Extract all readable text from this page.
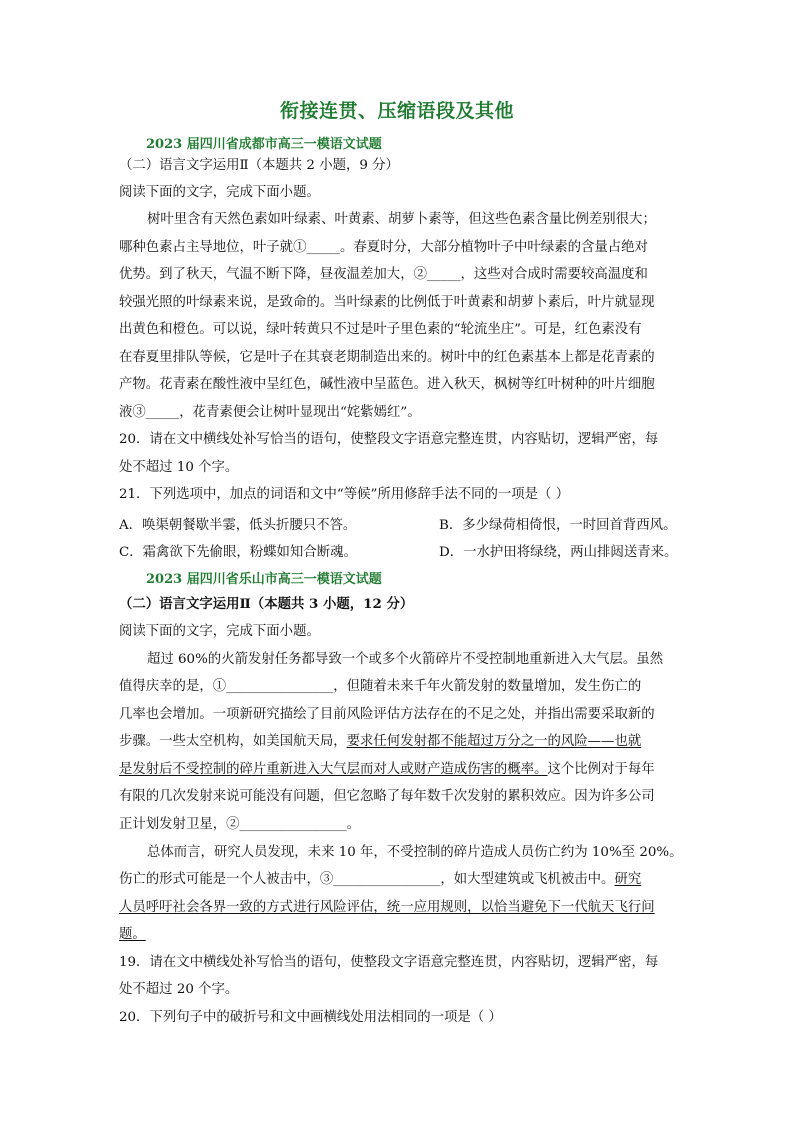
衔接连贯、压缩语段及其他
2023 届四川省成都市高三一模语文试题
（二）语言文字运用Ⅱ（本题共 2 小题，9 分）
阅读下面的文字，完成下面小题。
树叶里含有天然色素如叶绿素、叶黄素、胡萝卜素等，但这些色素含量比例差别很大；
哪种色素占主导地位，叶子就①_____。春夏时分，大部分植物叶子中叶绿素的含量占绝对
优势。到了秋天，气温不断下降，昼夜温差加大，②_____，这些对合成时需要较高温度和
较强光照的叶绿素来说，是致命的。当叶绿素的比例低于叶黄素和胡萝卜素后，叶片就显现
出黄色和橙色。可以说，绿叶转黄只不过是叶子里色素的“轮流坐庄”。可是，红色素没有
在春夏里排队等候，它是叶子在其衰老期制造出来的。树叶中的红色素基本上都是花青素的
产物。花青素在酸性液中呈红色，碱性液中呈蓝色。进入秋天，枫树等红叶树种的叶片细胞
液③_____，花青素便会让树叶显现出“姹紫嫣红”。
20．请在文中横线处补写恰当的语句，使整段文字语意完整连贯，内容贴切，逻辑严密，每
处不超过 10 个字。
21．下列选项中，加点的词语和文中“等候”所用修辞手法不同的一项是（ ）
A．唤渠朝餐歇半霎，低头折腰只不答。	B．多少绿荷相倚恨，一时回首背西风。
C．霜禽欲下先偷眼，粉蝶如知合断魂。	D．一水护田将绿绕，两山排闼送青来。
2023 届四川省乐山市高三一模语文试题
（二）语言文字运用Ⅱ（本题共 3 小题，12 分）
阅读下面的文字，完成下面小题。
超过 60%的火箭发射任务都导致一个或多个火箭碎片不受控制地重新进入大气层。虽然
值得庆幸的是，①________________，但随着未来千年火箭发射的数量增加，发生伤亡的
几率也会增加。一项新研究描绘了目前风险评估方法存在的不足之处，并指出需要采取新的
步骤。一些太空机构，如美国航天局，要求任何发射都不能超过万分之一的风险——也就
是发射后不受控制的碎片重新进入大气层而对人或财产造成伤害的概率。这个比例对于每年
有限的几次发射来说可能没有问题，但它忽略了每年数千次发射的累积效应。因为许多公司
正计划发射卫星，②________________。
总体而言，研究人员发现，未来 10 年，不受控制的碎片造成人员伤亡约为 10%至 20%。
伤亡的形式可能是一个人被击中，③________________，如大型建筑或飞机被击中。研究
人员呼吁社会各界一致的方式进行风险评估，统一应用规则，以恰当避免下一代航天飞行问
题。
19．请在文中横线处补写恰当的语句，使整段文字语意完整连贯，内容贴切，逻辑严密，每
处不超过 20 个字。
20．下列句子中的破折号和文中画横线处用法相同的一项是（ ）
